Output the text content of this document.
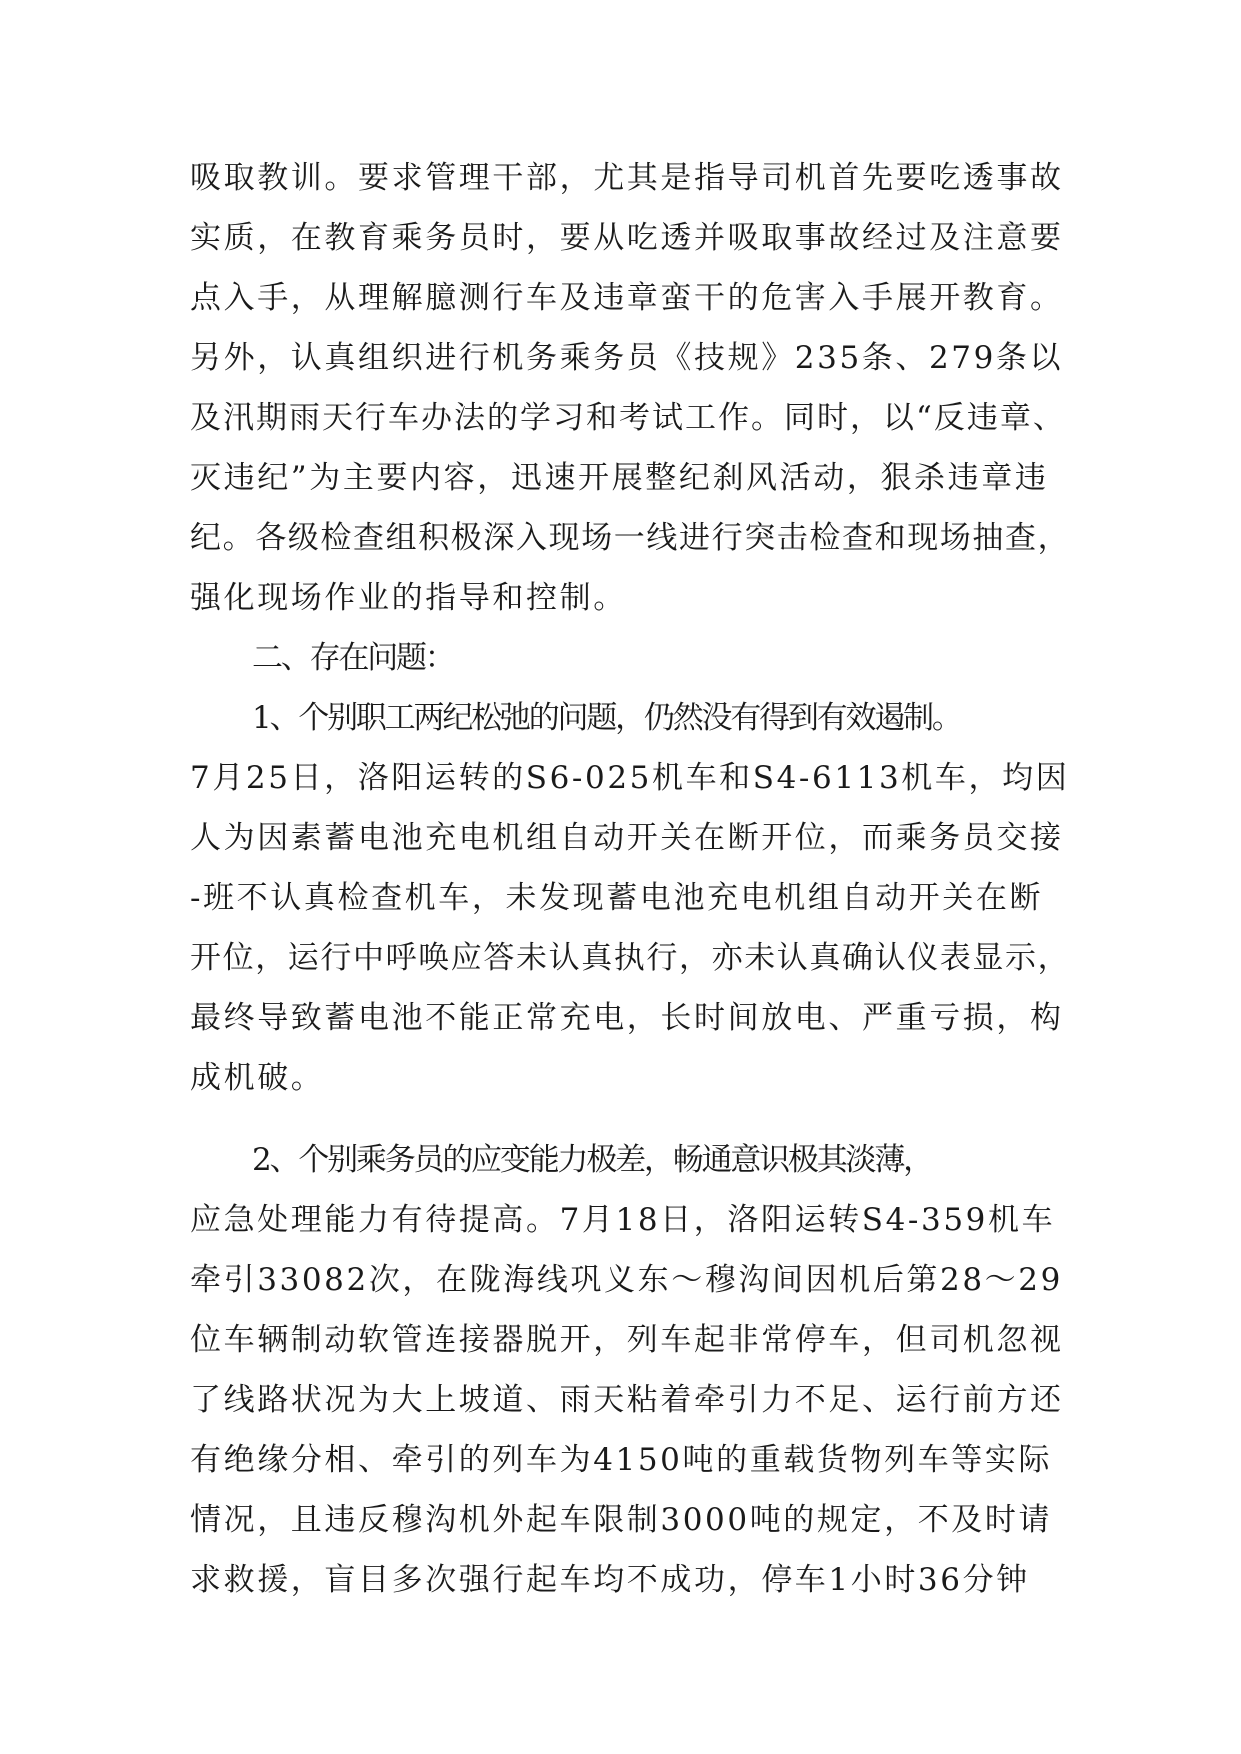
吸取教训。要求管理干部，尤其是指导司机首先要吃透事故
实质，在教育乘务员时，要从吃透并吸取事故经过及注意要
点入手，从理解臆测行车及违章蛮干的危害入手展开教育。
另外，认真组织进行机务乘务员《技规》235条、279条以
及汛期雨天行车办法的学习和考试工作。同时，以“反违章、
灭违纪”为主要内容，迅速开展整纪刹风活动，狠杀违章违
纪。各级检查组积极深入现场一线进行突击检查和现场抽查，
强化现场作业的指导和控制。
二、存在问题：
1、个别职工两纪松弛的问题，仍然没有得到有效遏制。
7月25日，洛阳运转的S6-025机车和S4-6113机车，均因
人为因素蓄电池充电机组自动开关在断开位，而乘务员交接
-班不认真检查机车，未发现蓄电池充电机组自动开关在断
开位，运行中呼唤应答未认真执行，亦未认真确认仪表显示，
最终导致蓄电池不能正常充电，长时间放电、严重亏损，构
成机破。
2、个别乘务员的应变能力极差，畅通意识极其淡薄，
应急处理能力有待提高。7月18日，洛阳运转S4-359机车
牵引33082次，在陇海线巩义东～穆沟间因机后第28～29
位车辆制动软管连接器脱开，列车起非常停车，但司机忽视
了线路状况为大上坡道、雨天粘着牵引力不足、运行前方还
有绝缘分相、牵引的列车为4150吨的重载货物列车等实际
情况，且违反穆沟机外起车限制3000吨的规定，不及时请
求救援，盲目多次强行起车均不成功，停车1小时36分钟
